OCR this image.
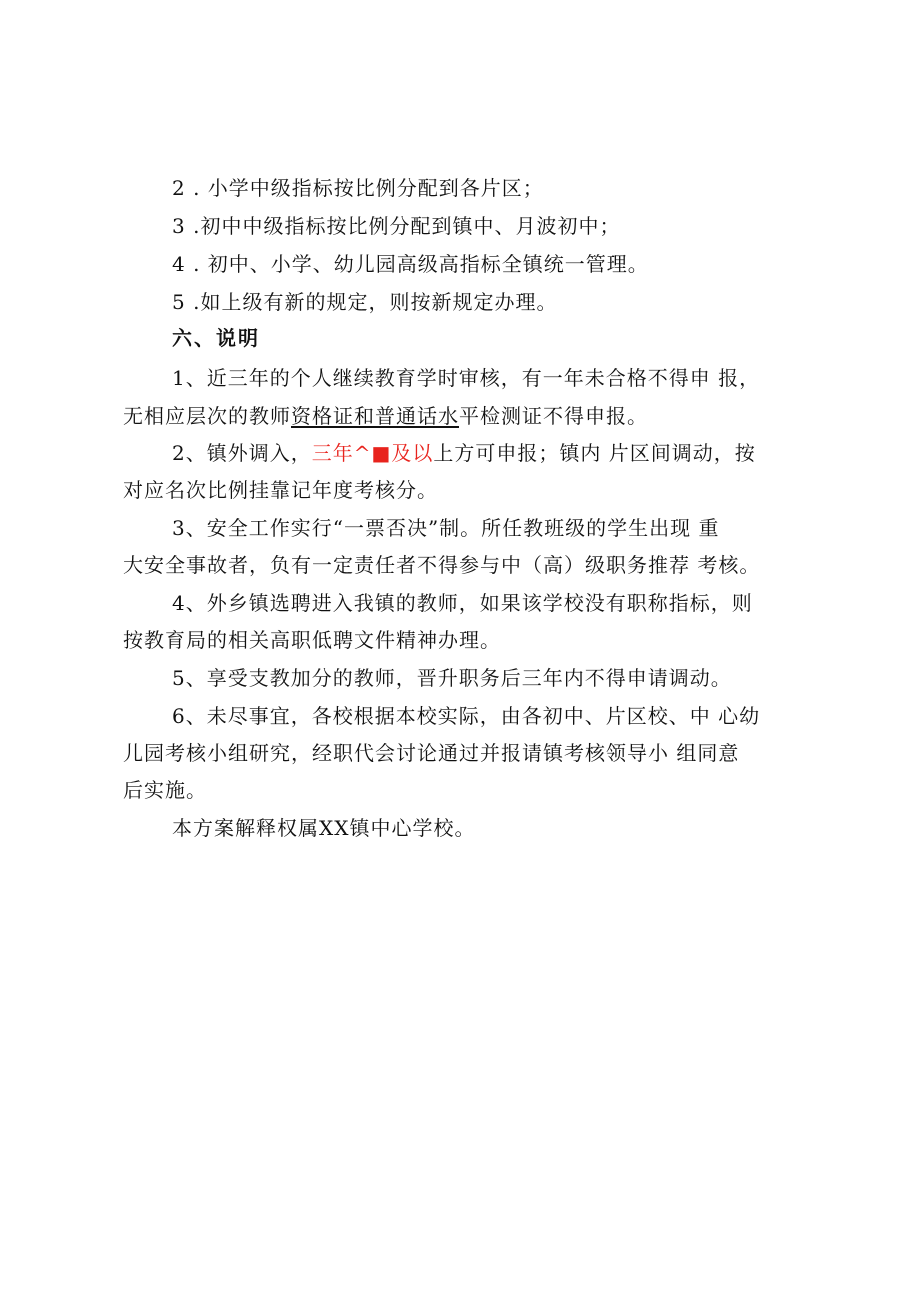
2 . 小学中级指标按比例分配到各片区；
3 .初中中级指标按比例分配到镇中、月波初中；
4 . 初中、小学、幼儿园高级高指标全镇统一管理。
5 .如上级有新的规定，则按新规定办理。
六、说明
1、近三年的个人继续教育学时审核，有一年未合格不得申 报，
无相应层次的教师资格证和普通话水平检测证不得申报。
2、镇外调入，三年^■及以上方可申报；镇内 片区间调动，按
对应名次比例挂靠记年度考核分。
3、安全工作实行“一票否决”制。所任教班级的学生出现 重
大安全事故者，负有一定责任者不得参与中（高）级职务推荐 考核。
4、外乡镇选聘进入我镇的教师，如果该学校没有职称指标，则
按教育局的相关高职低聘文件精神办理。
5、享受支教加分的教师，晋升职务后三年内不得申请调动。
6、未尽事宜，各校根据本校实际，由各初中、片区校、中 心幼
儿园考核小组研究，经职代会讨论通过并报请镇考核领导小 组同意
后实施。
本方案解释权属XX镇中心学校。
